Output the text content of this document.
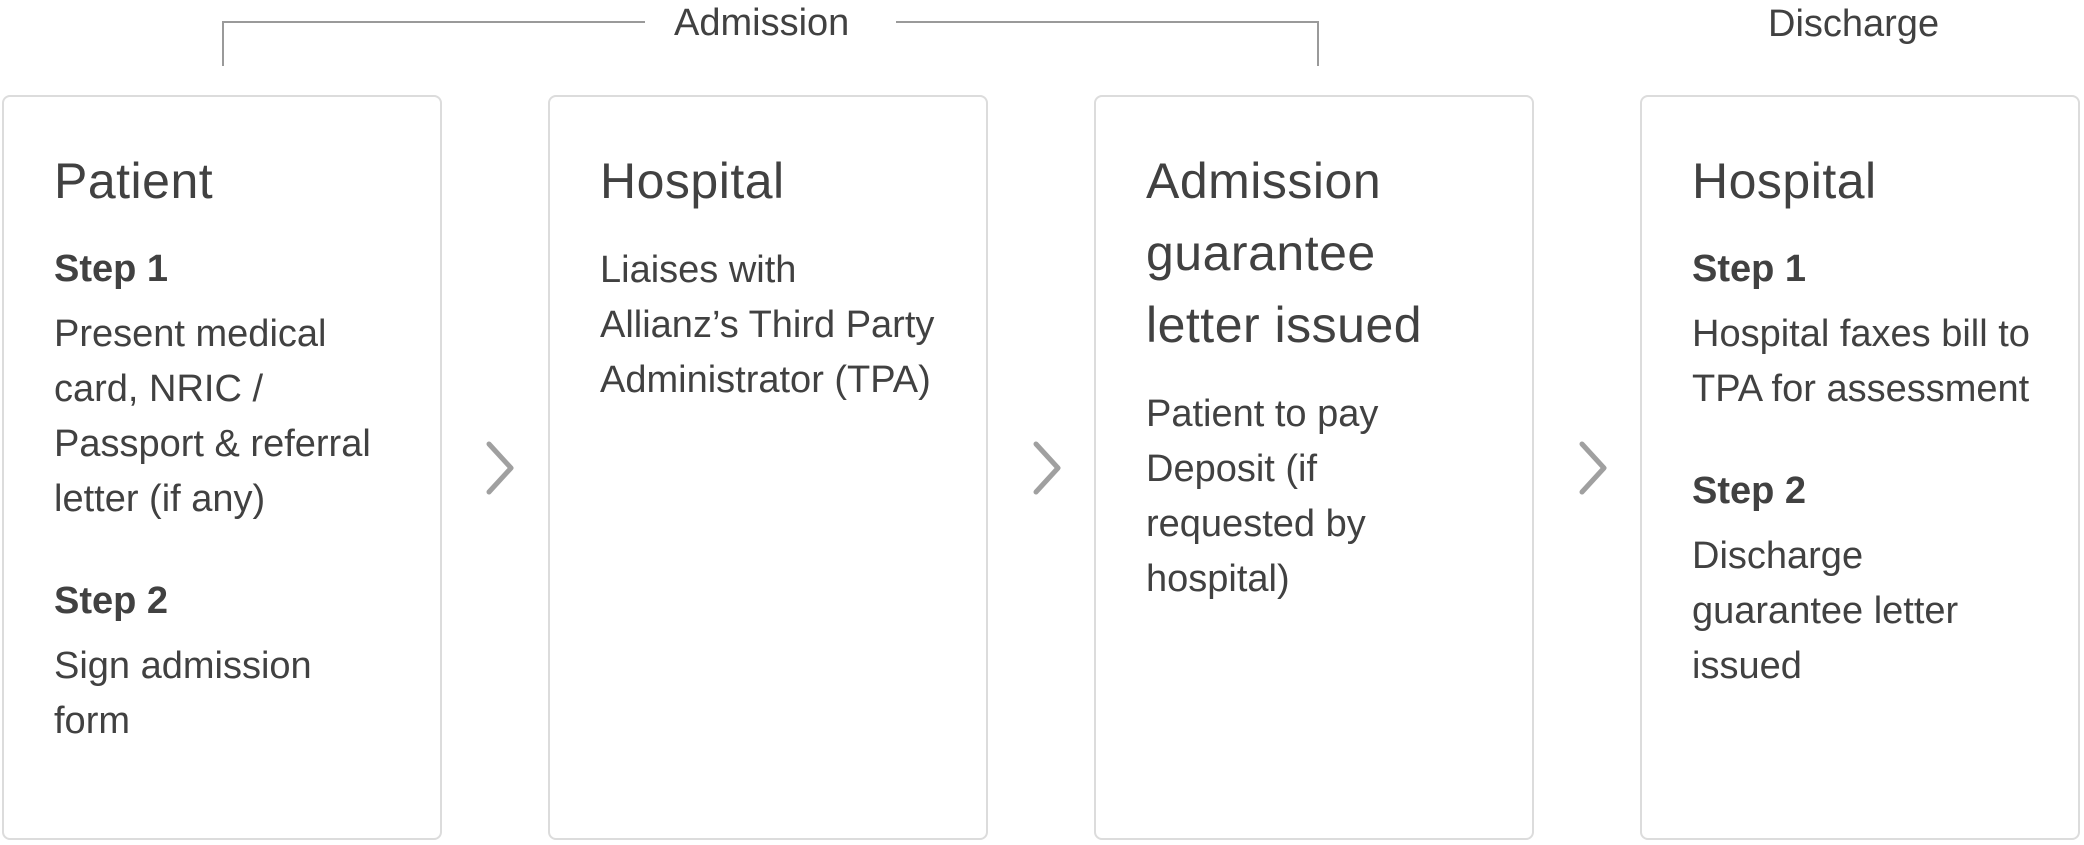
Admission	Discharge
Patient
Step 1
Present medical card, NRIC / Passport & referral letter (if any)
Step 2
Sign admission form
Hospital
Liaises with Allianz’s Third Party Administrator (TPA)
Admission guarantee letter issued
Patient to pay Deposit (if requested by hospital)
Hospital
Step 1
Hospital faxes bill to TPA for assessment
Step 2
Discharge guarantee letter issued
